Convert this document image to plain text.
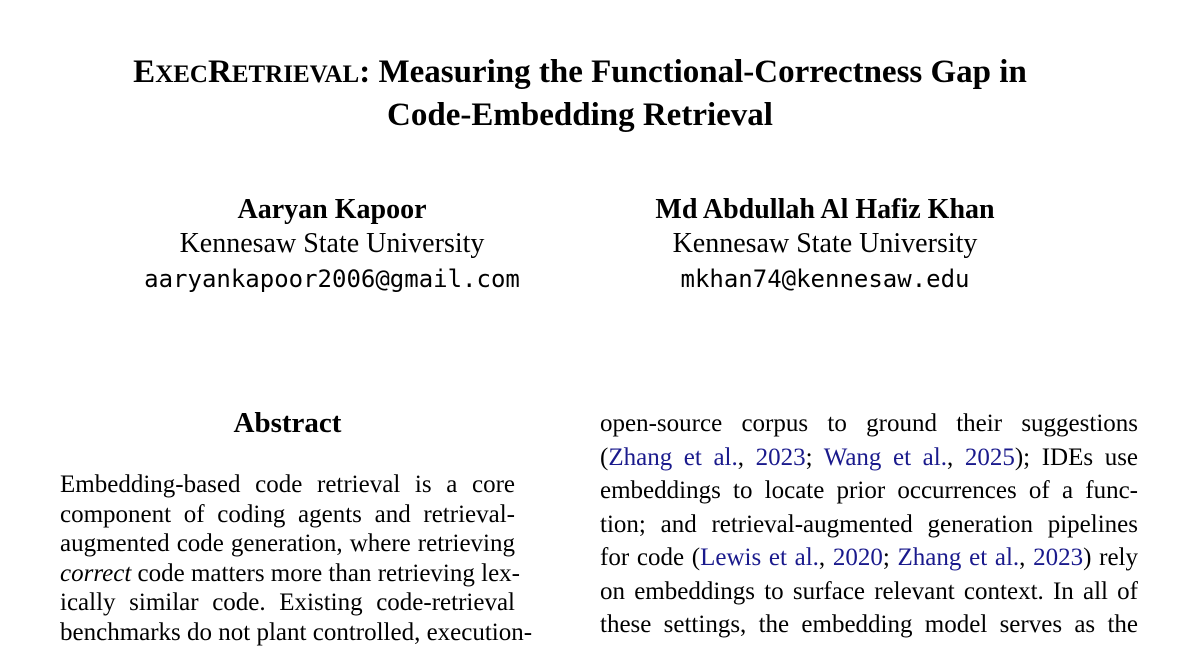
EXECRETRIEVAL: Measuring the Functional-Correctness Gap in
Code-Embedding Retrieval
Aaryan Kapoor
Kennesaw State University
aaryankapoor2006@gmail.com
Md Abdullah Al Hafiz Khan
Kennesaw State University
mkhan74@kennesaw.edu
Abstract
Embedding-based code retrieval is a core
component of coding agents and retrieval-
augmented code generation, where retrieving
correct code matters more than retrieving lex-
ically similar code. Existing code-retrieval
benchmarks do not plant controlled, execution-
open-source corpus to ground their suggestions
(Zhang et al., 2023; Wang et al., 2025); IDEs use
embeddings to locate prior occurrences of a func-
tion; and retrieval-augmented generation pipelines
for code (Lewis et al., 2020; Zhang et al., 2023) rely
on embeddings to surface relevant context. In all of
these settings, the embedding model serves as the
